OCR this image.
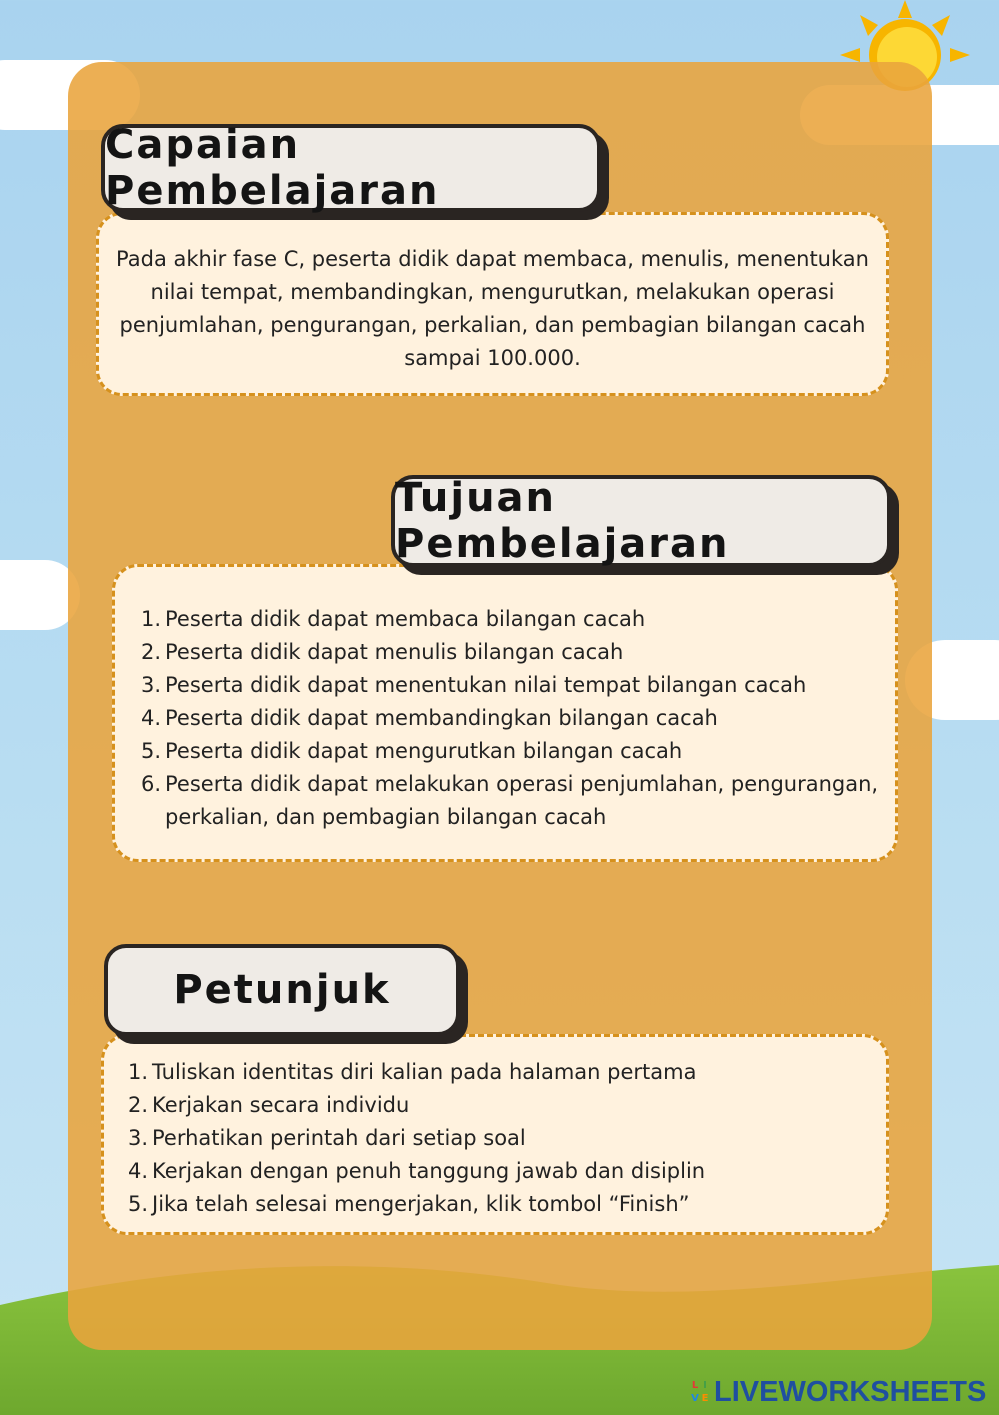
Pada akhir fase C, peserta didik dapat membaca, menulis, menentukan nilai tempat, membandingkan, mengurutkan, melakukan operasi penjumlahan, pengurangan, perkalian, dan pembagian bilangan cacah sampai 100.000.

Capaian Pembelajaran
1. Peserta didik dapat membaca bilangan cacah
2. Peserta didik dapat menulis bilangan cacah
3. Peserta didik dapat menentukan nilai tempat bilangan cacah
4. Peserta didik dapat membandingkan bilangan cacah
5. Peserta didik dapat mengurutkan bilangan cacah
6. Peserta didik dapat melakukan operasi penjumlahan, pengurangan, perkalian, dan pembagian bilangan cacah
Tujuan Pembelajaran
1. Tuliskan identitas diri kalian pada halaman pertama
2. Kerjakan secara individu
3. Perhatikan perintah dari setiap soal
4. Kerjakan dengan penuh tanggung jawab dan disiplin
5. Jika telah selesai mengerjakan, klik tombol “Finish”
Petunjuk
L I
V E LIVEWORKSHEETS
